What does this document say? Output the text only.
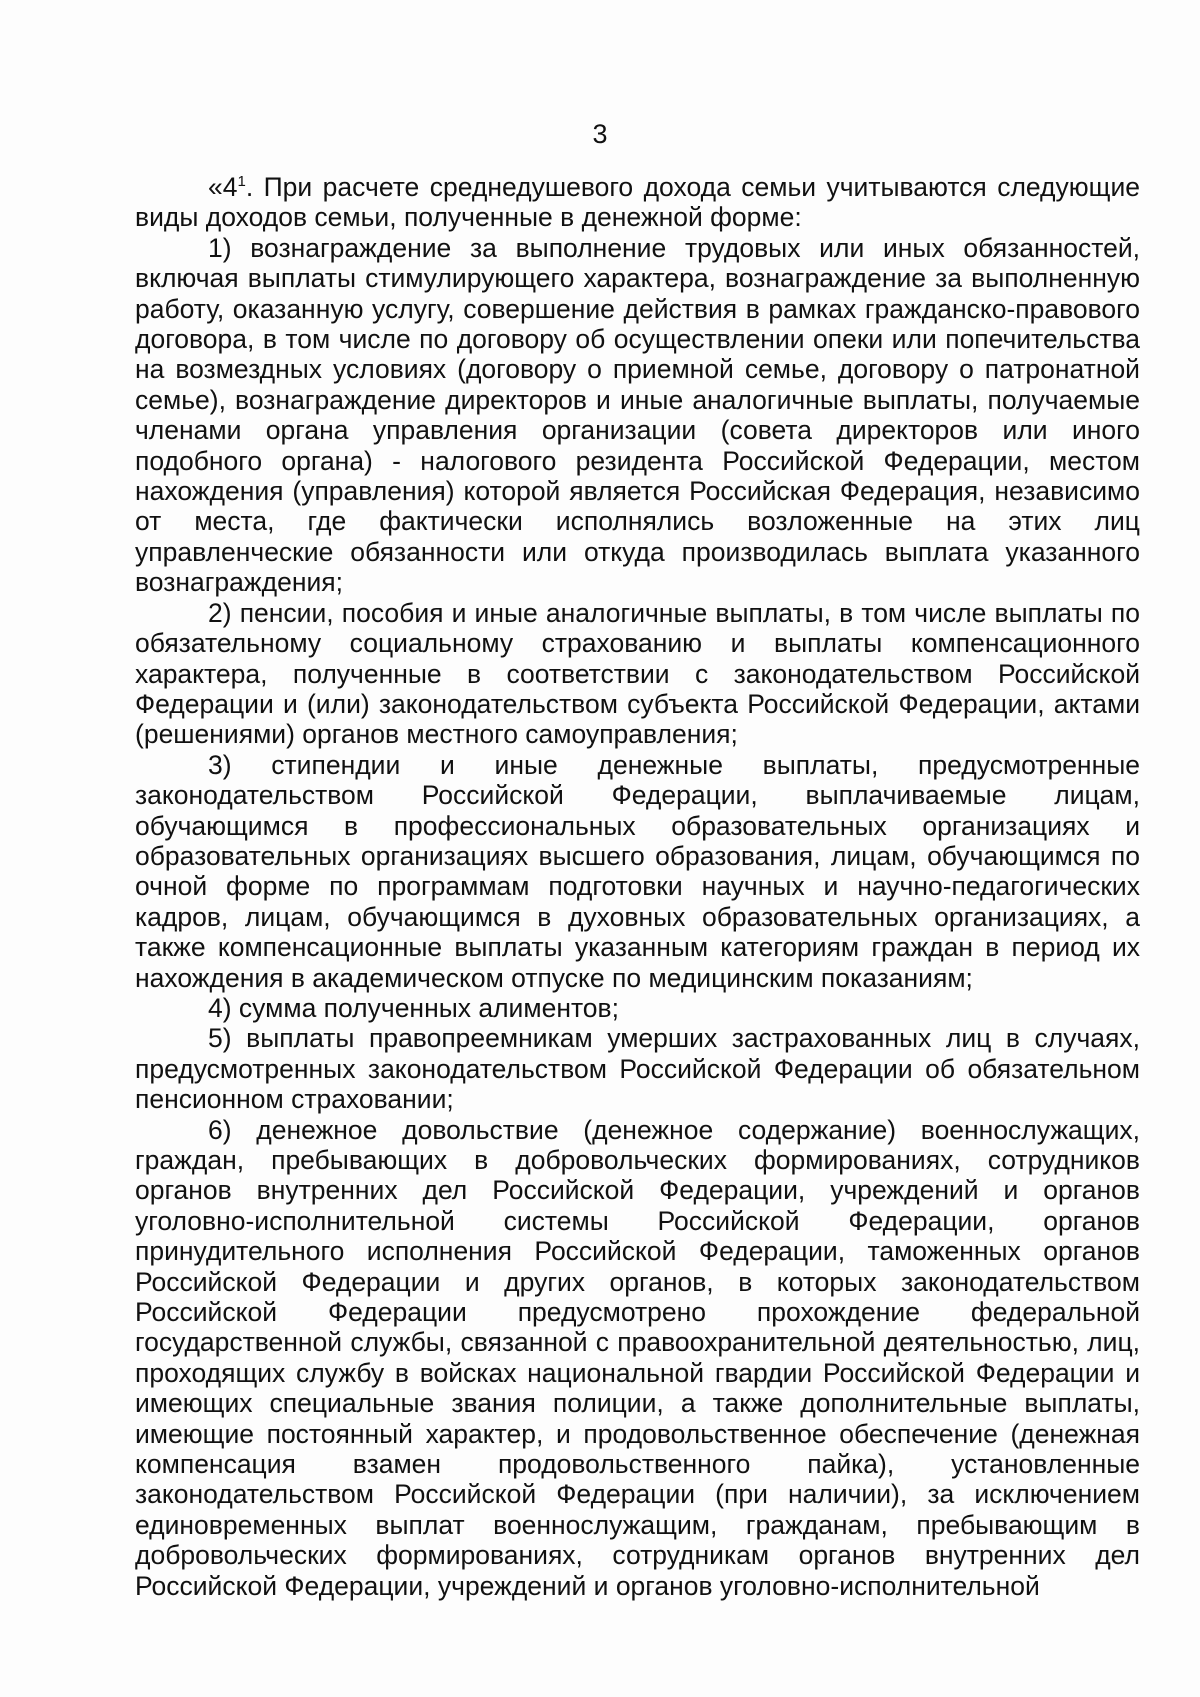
3

«$4^1$. При расчете среднедушевого дохода семьи учитываются следующие виды доходов семьи, полученные в денежной форме:

1) вознаграждение за выполнение трудовых или иных обязанностей, включая выплаты стимулирующего характера, вознаграждение за выполненную работу, оказанную услугу, совершение действия в рамках гражданско-правового договора, в том числе по договору об осуществлении опеки или попечительства на возмездных условиях (договору о приемной семье, договору о патронатной семье), вознаграждение директоров и иные аналогичные выплаты, получаемые членами органа управления организации (совета директоров или иного подобного органа) - налогового резидента Российской Федерации, местом нахождения (управления) которой является Российская Федерация, независимо от места, где фактически исполнялись возложенные на этих лиц управленческие обязанности или откуда производилась выплата указанного вознаграждения;

2) пенсии, пособия и иные аналогичные выплаты, в том числе выплаты по обязательному социальному страхованию и выплаты компенсационного характера, полученные в соответствии с законодательством Российской Федерации и (или) законодательством субъекта Российской Федерации, актами (решениями) органов местного самоуправления;

3) стипендии и иные денежные выплаты, предусмотренные законодательством Российской Федерации, выплачиваемые лицам, обучающимся в профессиональных образовательных организациях и образовательных организациях высшего образования, лицам, обучающимся по очной форме по программам подготовки научных и научно-педагогических кадров, лицам, обучающимся в духовных образовательных организациях, а также компенсационные выплаты указанным категориям граждан в период их нахождения в академическом отпуске по медицинским показаниям;

4) сумма полученных алиментов;

5) выплаты правопреемникам умерших застрахованных лиц в случаях, предусмотренных законодательством Российской Федерации об обязательном пенсионном страховании;

6) денежное довольствие (денежное содержание) военнослужащих, граждан, пребывающих в добровольческих формированиях, сотрудников органов внутренних дел Российской Федерации, учреждений и органов уголовно-исполнительной системы Российской Федерации, органов принудительного исполнения Российской Федерации, таможенных органов Российской Федерации и других органов, в которых законодательством Российской Федерации предусмотрено прохождение федеральной государственной службы, связанной с правоохранительной деятельностью, лиц, проходящих службу в войсках национальной гвардии Российской Федерации и имеющих специальные звания полиции, а также дополнительные выплаты, имеющие постоянный характер, и продовольственное обеспечение (денежная компенсация взамен продовольственного пайка), установленные законодательством Российской Федерации (при наличии), за исключением единовременных выплат военнослужащим, гражданам, пребывающим в добровольческих формированиях, сотрудникам органов внутренних дел Российской Федерации, учреждений и органов уголовно-исполнительной
